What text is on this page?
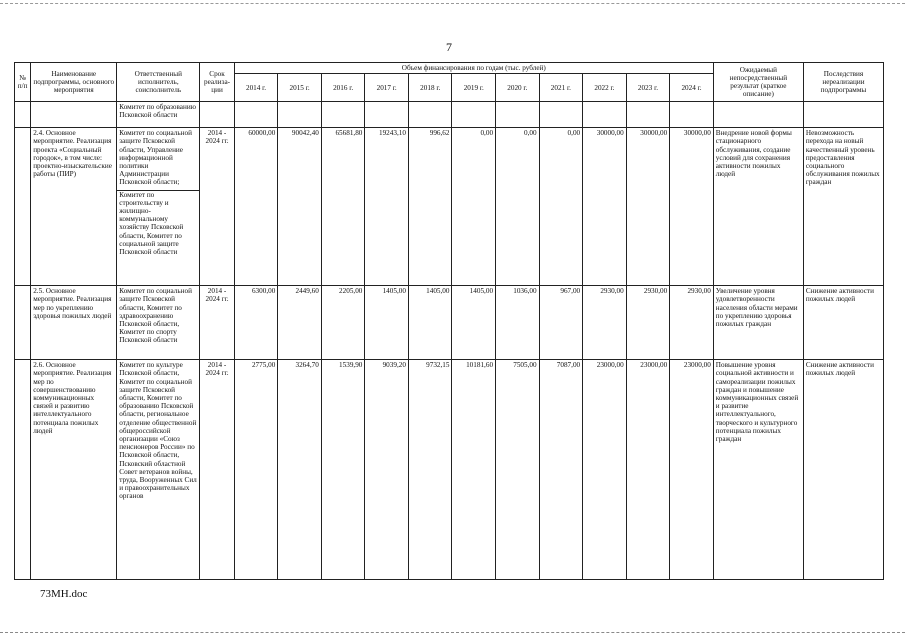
7
№ п/п	Наименование подпрограммы, основного мероприятия	Ответственный исполнитель, соисполнитель	Срок реализа-ции	Объем финансирования по годам (тыс. рублей)											Ожидаемый непосредственный результат (краткое описание)	Последствия нереализации подпрограммы
				2014 г.	2015 г.	2016 г.	2017 г.	2018 г.	2019 г.	2020 г.	2021 г.	2022 г.	2023 г.	2024 г.		
		Комитет по образованию Псковской области														
	2.4. Основное мероприятие. Реализация проекта «Социальный городок», в том числе: проектно-изыскательские работы (ПИР)	Комитет по социальной защите Псковской области, Управление информационной политики Администрации Псковской области;
Комитет по строительству и жилищно-коммунальному хозяйству Псковской области, Комитет по социальной защите Псковской области	2014 - 2024 гг.	60000,00	90042,40	65681,80	19243,10	996,62	0,00	0,00	0,00	30000,00	30000,00	30000,00	Внедрение новой формы стационарного обслуживания, создание условий для сохранения активности пожилых людей	Невозможность перехода на новый качественный уровень предоставления социального обслуживания пожилых граждан
	2.5. Основное мероприятие. Реализация мер по укреплению здоровья пожилых людей	Комитет по социальной защите Псковской области, Комитет по здравоохранению Псковской области, Комитет по спорту Псковской области	2014 - 2024 гг.	6300,00	2449,60	2205,00	1405,00	1405,00	1405,00	1036,00	967,00	2930,00	2930,00	2930,00	Увеличение уровня удовлетворенности населения области мерами по укреплению здоровья пожилых граждан	Снижение активности пожилых людей
	2.6. Основное мероприятие. Реализация мер по совершенствованию коммуникационных связей и развитию интеллектуального потенциала пожилых людей	Комитет по культуре Псковской области, Комитет по социальной защите Псковской области, Комитет по образованию Псковской области, региональное отделение общественной общероссийской организации «Союз пенсионеров России» по Псковской области, Псковский областной Совет ветеранов войны, труда, Вооруженных Сил и правоохранительных органов	2014 - 2024 гг.	2775,00	3264,70	1539,90	9039,20	9732,15	10181,60	7505,00	7087,00	23000,00	23000,00	23000,00	Повышение уровня социальной активности и самореализации пожилых граждан и повышение коммуникационных связей и развитие интеллектуального, творческого и культурного потенциала пожилых граждан	Снижение активности пожилых людей
73МН.doc
